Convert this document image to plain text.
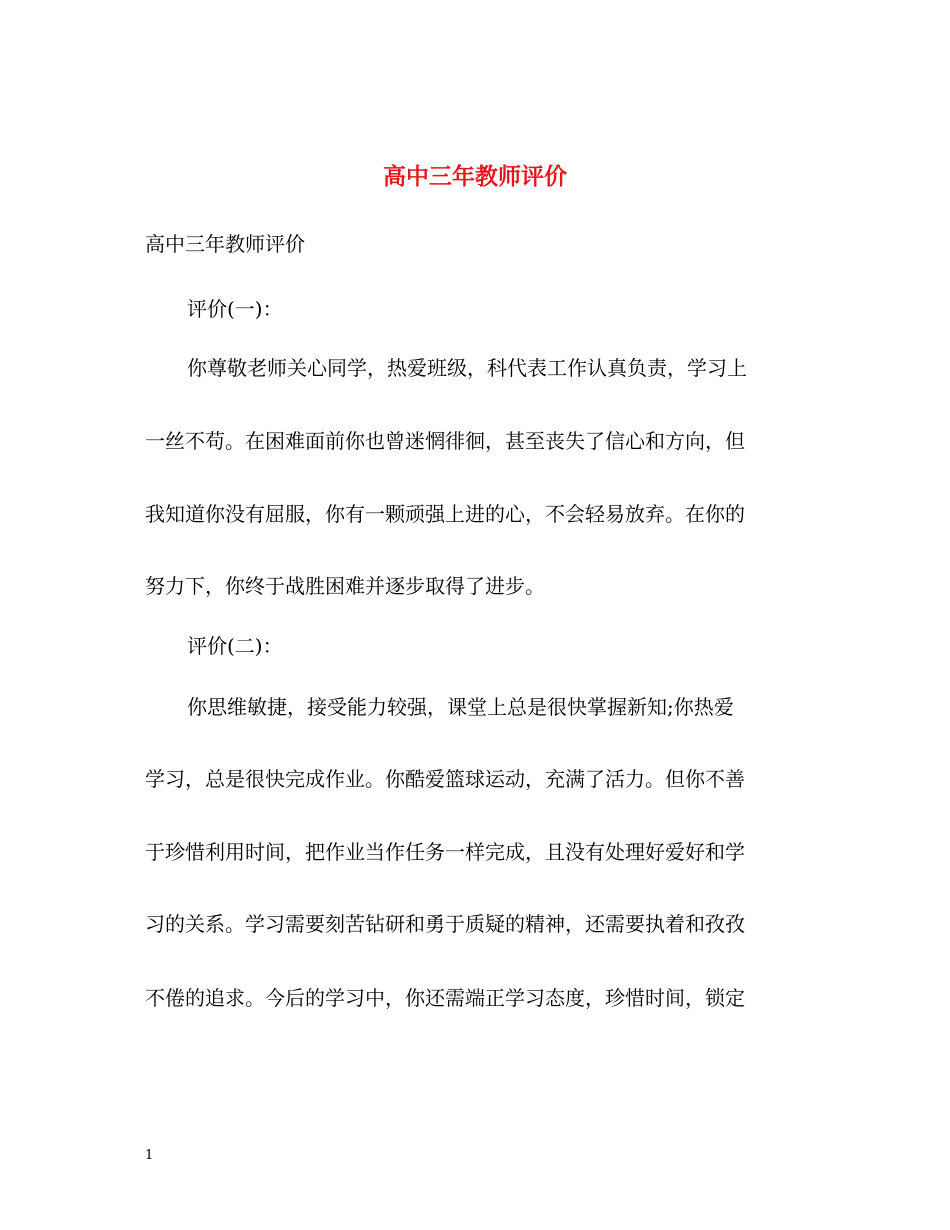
高中三年教师评价

高中三年教师评价

评价(一)：

你尊敬老师关心同学，热爱班级，科代表工作认真负责，学习上

一丝不苟。在困难面前你也曾迷惘徘徊，甚至丧失了信心和方向，但

我知道你没有屈服，你有一颗顽强上进的心，不会轻易放弃。在你的

努力下，你终于战胜困难并逐步取得了进步。

评价(二)：

你思维敏捷，接受能力较强，课堂上总是很快掌握新知;你热爱

学习，总是很快完成作业。你酷爱篮球运动，充满了活力。但你不善

于珍惜利用时间，把作业当作任务一样完成，且没有处理好爱好和学

习的关系。学习需要刻苦钻研和勇于质疑的精神，还需要执着和孜孜

不倦的追求。今后的学习中，你还需端正学习态度，珍惜时间，锁定

1
